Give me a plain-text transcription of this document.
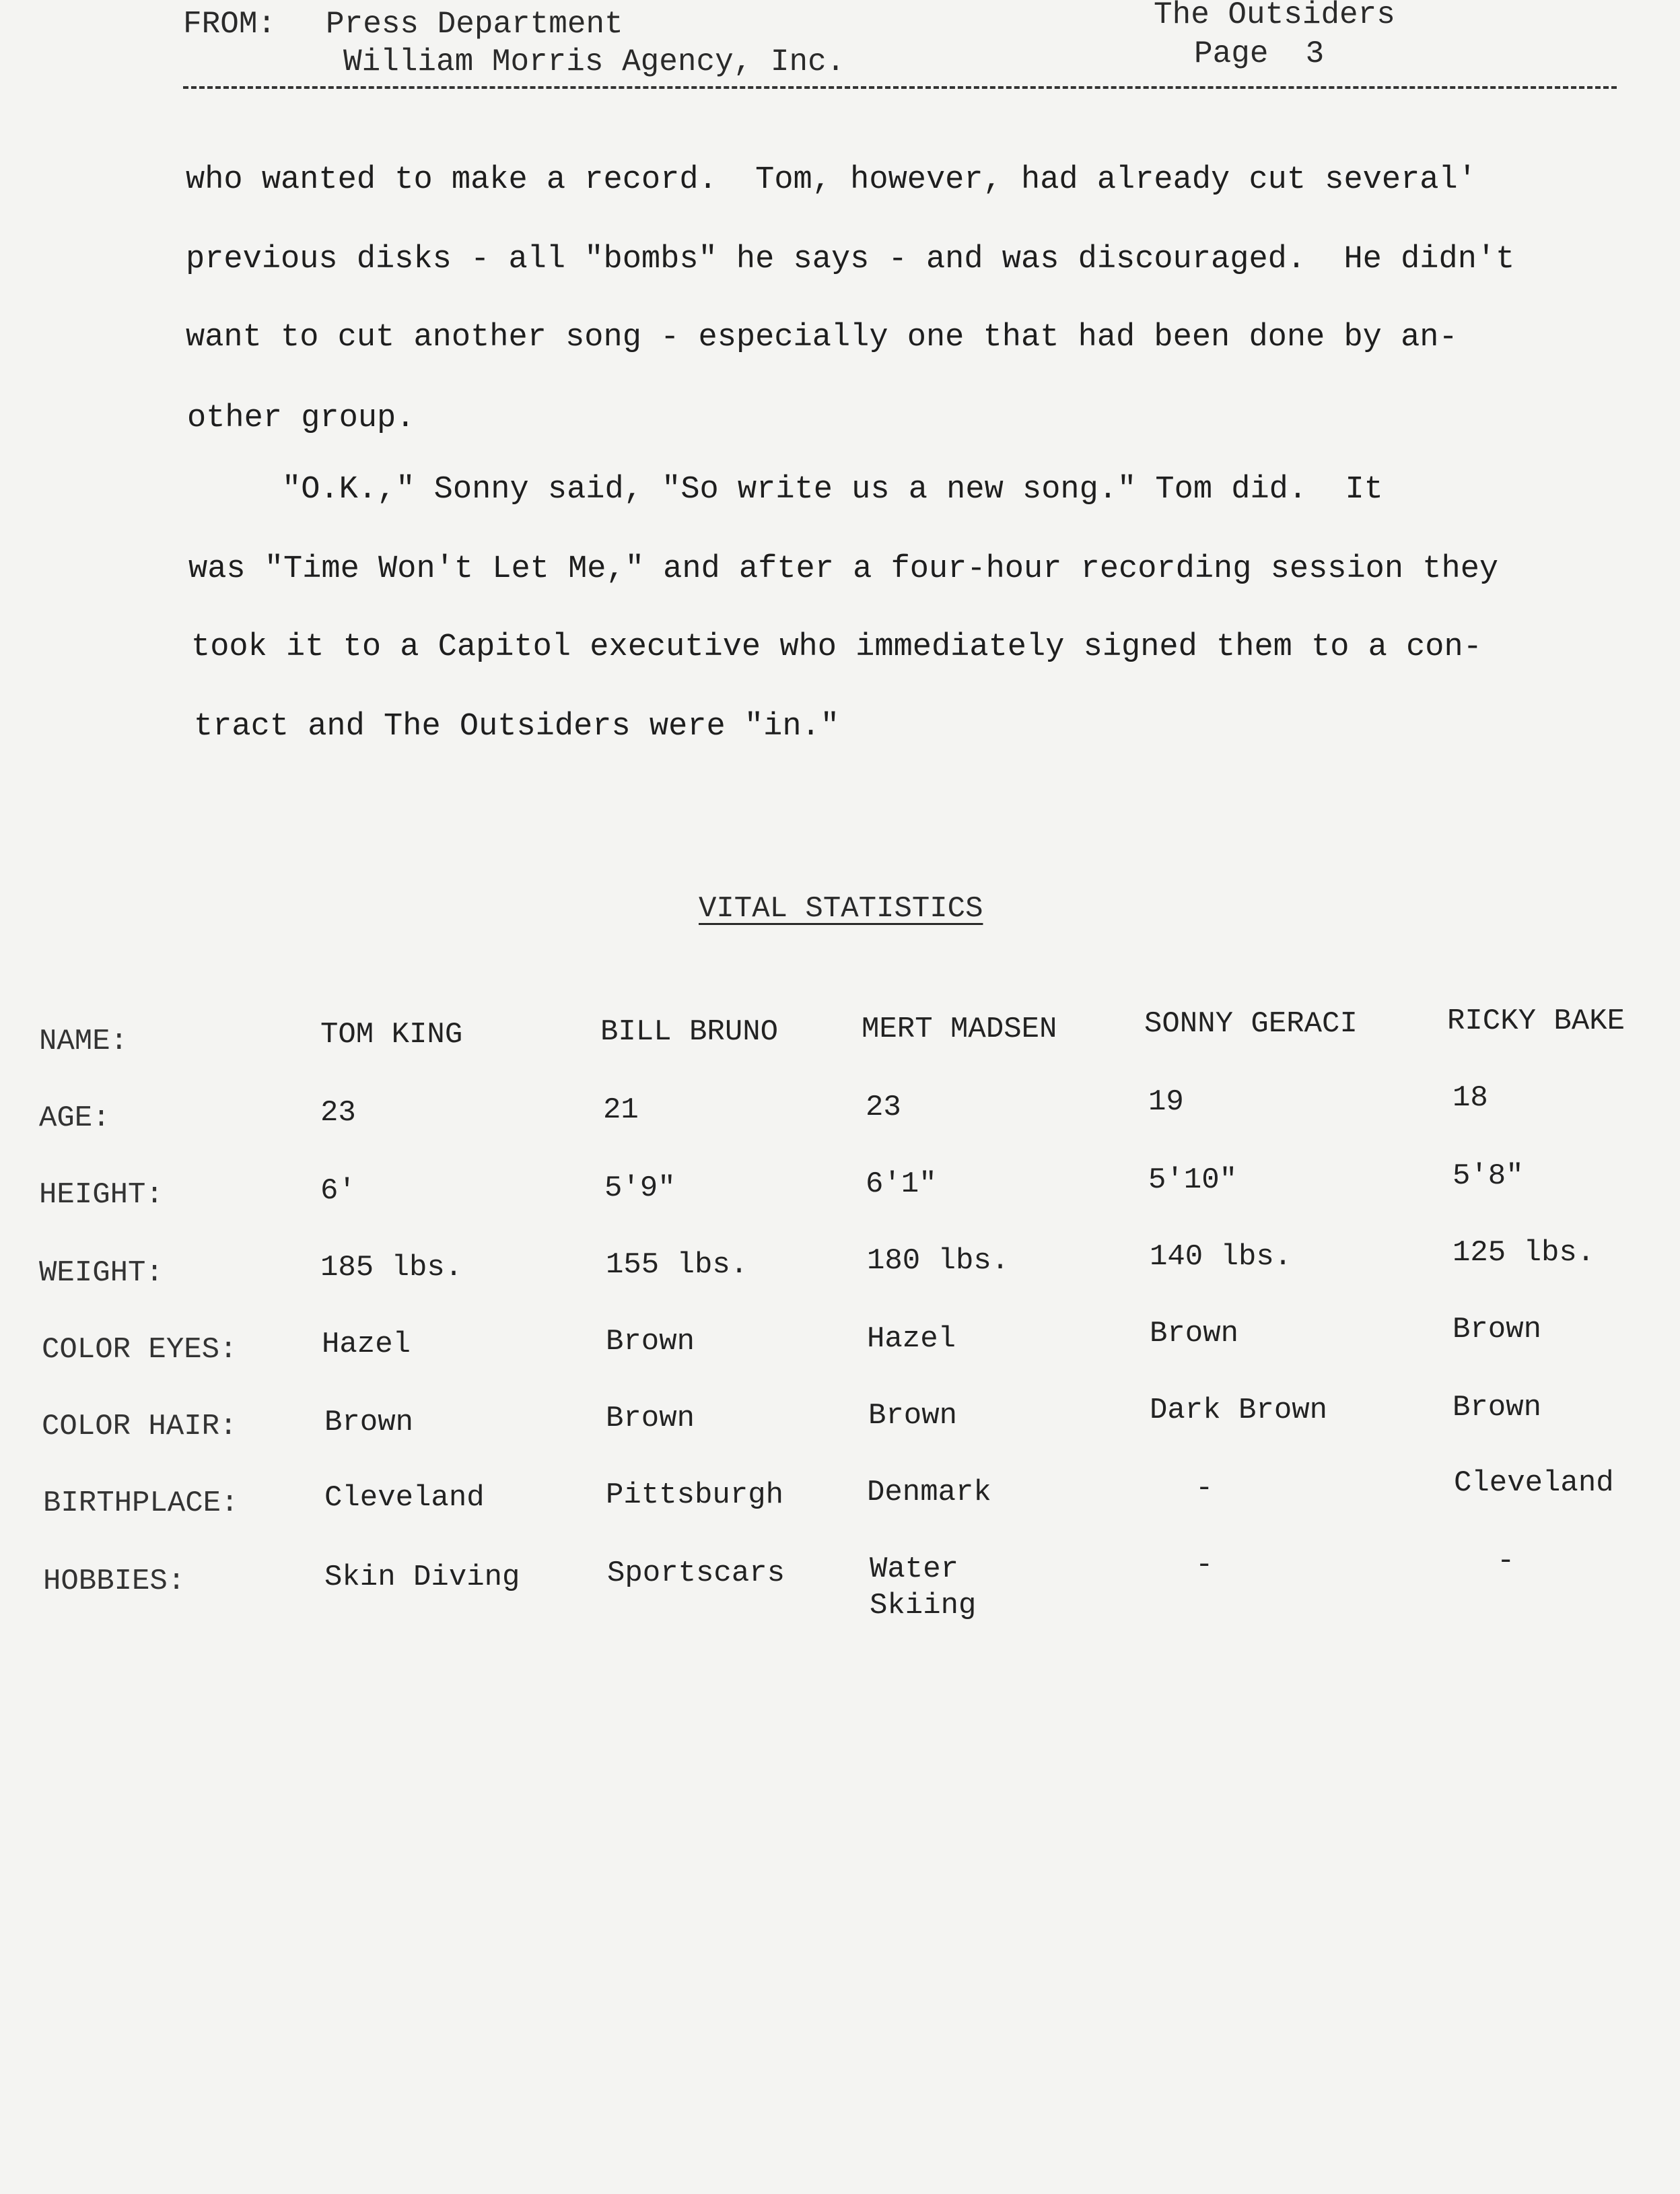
FROM: Press Department
William Morris Agency, Inc.
The Outsiders
Page  3
who wanted to make a record.  Tom, however, had already cut several'
previous disks - all "bombs" he says - and was discouraged.  He didn't
want to cut another song - especially one that had been done by an-
other group.
"O.K.," Sonny said, "So write us a new song." Tom did.  It
was "Time Won't Let Me," and after a four-hour recording session they
took it to a Capitol executive who immediately signed them to a con-
tract and The Outsiders were "in."
VITAL STATISTICS
NAME:
AGE:
HEIGHT:
WEIGHT:
COLOR EYES:
COLOR HAIR:
BIRTHPLACE:
HOBBIES:
TOM KING
23
6'
185 lbs.
Hazel
Brown
Cleveland
Skin Diving
BILL BRUNO
21
5'9"
155 lbs.
Brown
Brown
Pittsburgh
Sportscars
MERT MADSEN
23
6'1"
180 lbs.
Hazel
Brown
Denmark
Water
Skiing
SONNY GERACI
19
5'10"
140 lbs.
Brown
Dark Brown
-
-
RICKY BAKE
18
5'8"
125 lbs.
Brown
Brown
Cleveland
-
